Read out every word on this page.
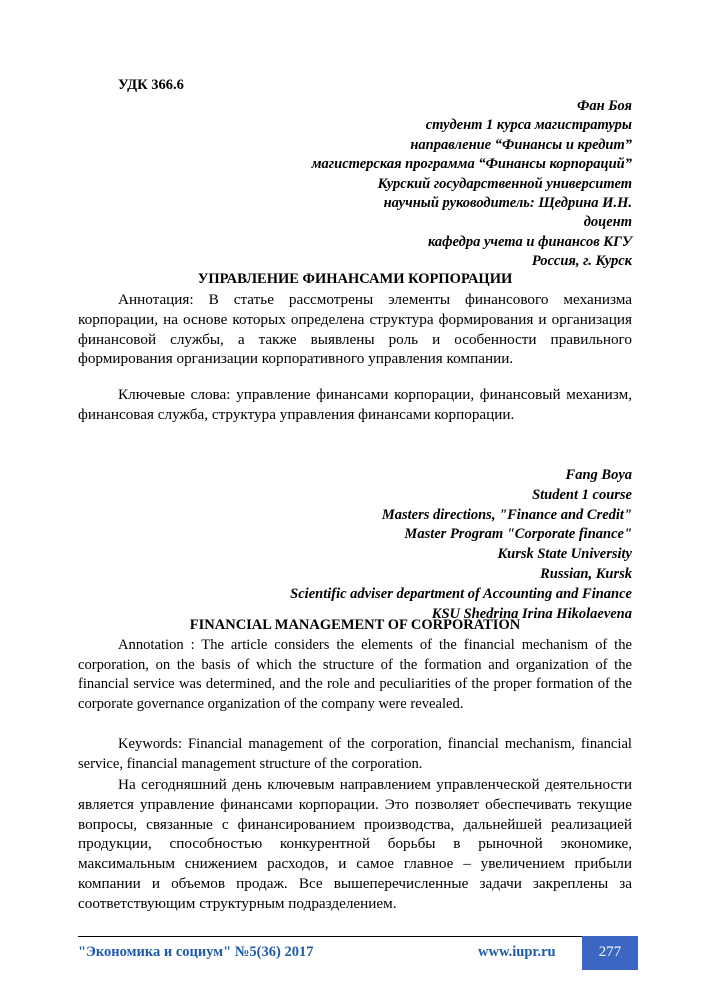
УДК 366.6
Фан Боя
студент 1 курса магистратуры
направление “Финансы и кредит”
магистерская программа “Финансы корпораций”
Курский государственной университет
научный руководитель: Щедрина И.Н.
доцент
кафедра учета и финансов КГУ
Россия, г. Курск
УПРАВЛЕНИЕ ФИНАНСАМИ КОРПОРАЦИИ

Аннотация: В статье рассмотрены элементы финансового механизма корпорации, на основе которых определена структура формирования и организация финансовой службы, а также выявлены роль и особенности правильного формирования организации корпоративного управления компании.

Ключевые слова: управление финансами корпорации, финансовый механизм, финансовая служба, структура управления финансами корпорации.

Fang Boya
Student 1 course
Masters directions, "Finance and Credit"
Master Program "Corporate finance"
Kursk State University
Russian, Kursk
Scientific adviser department of Accounting and Finance
KSU Shedrina Irina Hikolaevena
FINANCIAL MANAGEMENT OF CORPORATION

Annotation : The article considers the elements of the financial mechanism of the corporation, on the basis of which the structure of the formation and organization of the financial service was determined, and the role and peculiarities of the proper formation of the corporate governance organization of the company were revealed.

Keywords: Financial management of the corporation, financial mechanism, financial service, financial management structure of the corporation.

На сегодняшний день ключевым направлением управленческой деятельности является управление финансами корпорации. Это позволяет обеспечивать текущие вопросы, связанные с финансированием производства, дальнейшей реализацией продукции, способностью конкурентной борьбы в рыночной экономике, максимальным снижением расходов, и самое главное – увеличением прибыли компании и объемов продаж. Все вышеперечисленные задачи закреплены за соответствующим структурным подразделением.

"Экономика и социум" №5(36) 2017	www.iupr.ru	277
